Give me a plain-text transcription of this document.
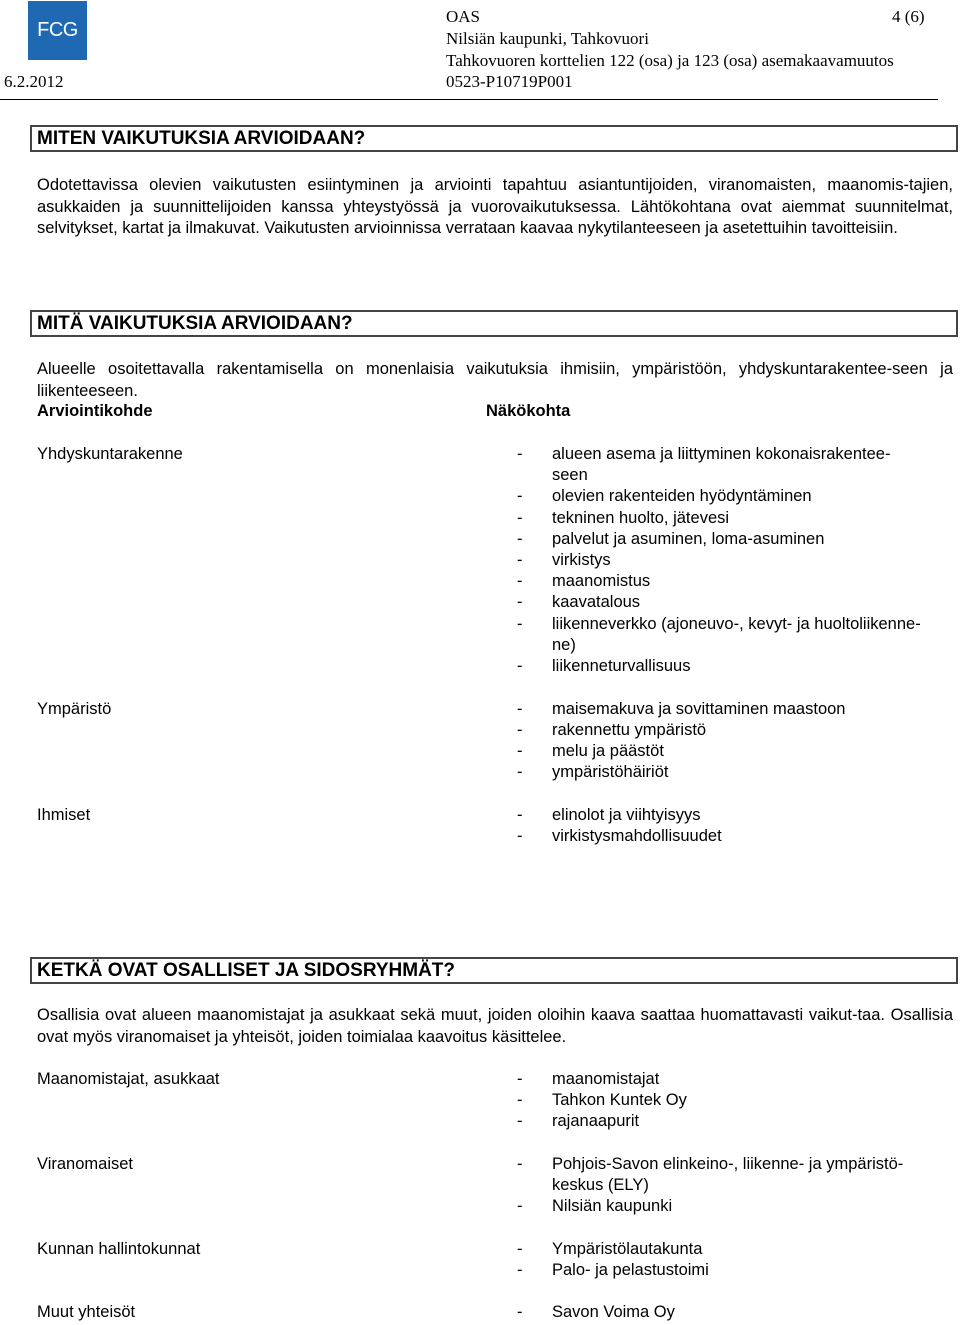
FCG
6.2.2012
OAS	4 (6)
Nilsiän kaupunki, Tahkovuori
Tahkovuoren korttelien 122 (osa) ja 123 (osa) asemakaavamuutos
0523-P10719P001
MITEN VAIKUTUKSIA ARVIOIDAAN?
Odotettavissa olevien vaikutusten esiintyminen ja arviointi tapahtuu asiantuntijoiden, viranomaisten, maanomis-tajien, asukkaiden ja suunnittelijoiden kanssa yhteystyössä ja vuorovaikutuksessa. Lähtökohtana ovat aiemmat suunnitelmat, selvitykset, kartat ja ilmakuvat. Vaikutusten arvioinnissa verrataan kaavaa nykytilanteeseen ja asetettuihin tavoitteisiin.
MITÄ VAIKUTUKSIA ARVIOIDAAN?
Alueelle osoitettavalla rakentamisella on monenlaisia vaikutuksia ihmisiin, ympäristöön, yhdyskuntarakentee-seen ja liikenteeseen.
Arviointikohde	Näkökohta
Yhdyskuntarakenne	- alueen asema ja liittyminen kokonaisrakentee-
seen
- olevien rakenteiden hyödyntäminen
- tekninen huolto, jätevesi
- palvelut ja asuminen, loma-asuminen
- virkistys
- maanomistus
- kaavatalous
- liikenneverkko (ajoneuvo-, kevyt- ja huoltoliikenne-
ne)
- liikenneturvallisuus
Ympäristö	- maisemakuva ja sovittaminen maastoon
- rakennettu ympäristö
- melu ja päästöt
- ympäristöhäiriöt
Ihmiset	- elinolot ja viihtyisyys
- virkistysmahdollisuudet
KETKÄ OVAT OSALLISET JA SIDOSRYHMÄT?
Osallisia ovat alueen maanomistajat ja asukkaat sekä muut, joiden oloihin kaava saattaa huomattavasti vaikut-taa. Osallisia ovat myös viranomaiset ja yhteisöt, joiden toimialaa kaavoitus käsittelee.
Maanomistajat, asukkaat	- maanomistajat
- Tahkon Kuntek Oy
- rajanaapurit
Viranomaiset	- Pohjois-Savon elinkeino-, liikenne- ja ympäristö-
keskus (ELY)
- Nilsiän kaupunki
Kunnan hallintokunnat	- Ympäristölautakunta
- Palo- ja pelastustoimi
Muut yhteisöt	- Savon Voima Oy
